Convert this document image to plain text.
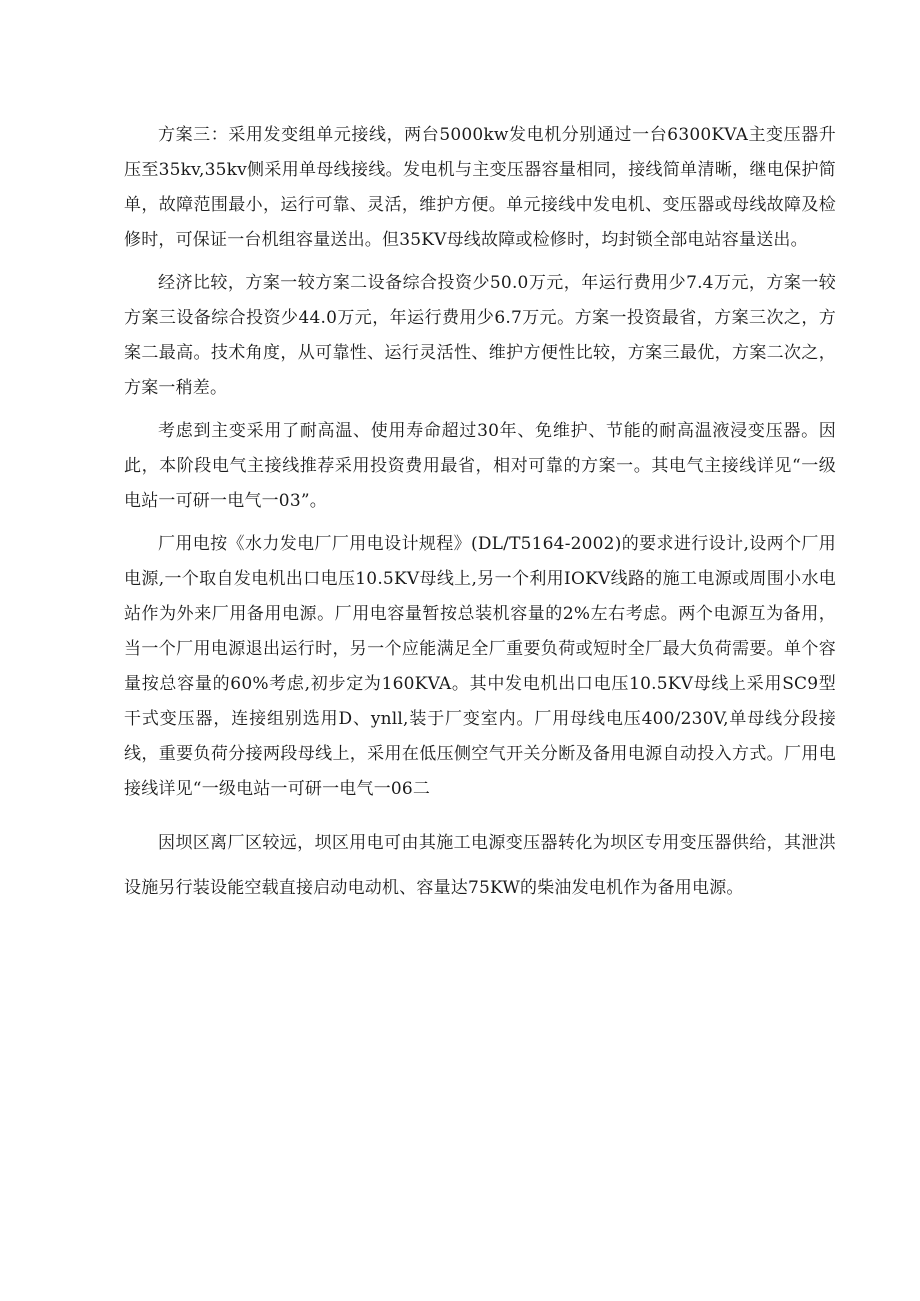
方案三：采用发变组单元接线，两台5000kw发电机分别通过一台6300KVA主变压器升压至35kv,35kv侧采用单母线接线。发电机与主变压器容量相同，接线简单清晰，继电保护简单，故障范围最小，运行可靠、灵活，维护方便。单元接线中发电机、变压器或母线故障及检修时，可保证一台机组容量送出。但35KV母线故障或检修时，均封锁全部电站容量送出。

经济比较，方案一较方案二设备综合投资少50.0万元，年运行费用少7.4万元，方案一较方案三设备综合投资少44.0万元，年运行费用少6.7万元。方案一投资最省，方案三次之，方案二最高。技术角度，从可靠性、运行灵活性、维护方便性比较，方案三最优，方案二次之，方案一稍差。

考虑到主变采用了耐高温、使用寿命超过30年、免维护、节能的耐高温液浸变压器。因此，本阶段电气主接线推荐采用投资费用最省，相对可靠的方案一。其电气主接线详见“一级电站一可研一电气一03”。

厂用电按《水力发电厂厂用电设计规程》(DL/T5164-2002)的要求进行设计,设两个厂用电源,一个取自发电机出口电压10.5KV母线上,另一个利用IOKV线路的施工电源或周围小水电站作为外来厂用备用电源。厂用电容量暂按总装机容量的2%左右考虑。两个电源互为备用，当一个厂用电源退出运行时，另一个应能满足全厂重要负荷或短时全厂最大负荷需要。单个容量按总容量的60%考虑,初步定为160KVA。其中发电机出口电压10.5KV母线上采用SC9型干式变压器，连接组别选用D、ynll,装于厂变室内。厂用母线电压400/230V,单母线分段接线，重要负荷分接两段母线上，采用在低压侧空气开关分断及备用电源自动投入方式。厂用电接线详见“一级电站一可研一电气一06二

因坝区离厂区较远，坝区用电可由其施工电源变压器转化为坝区专用变压器供给，其泄洪设施另行装设能空载直接启动电动机、容量达75KW的柴油发电机作为备用电源。
